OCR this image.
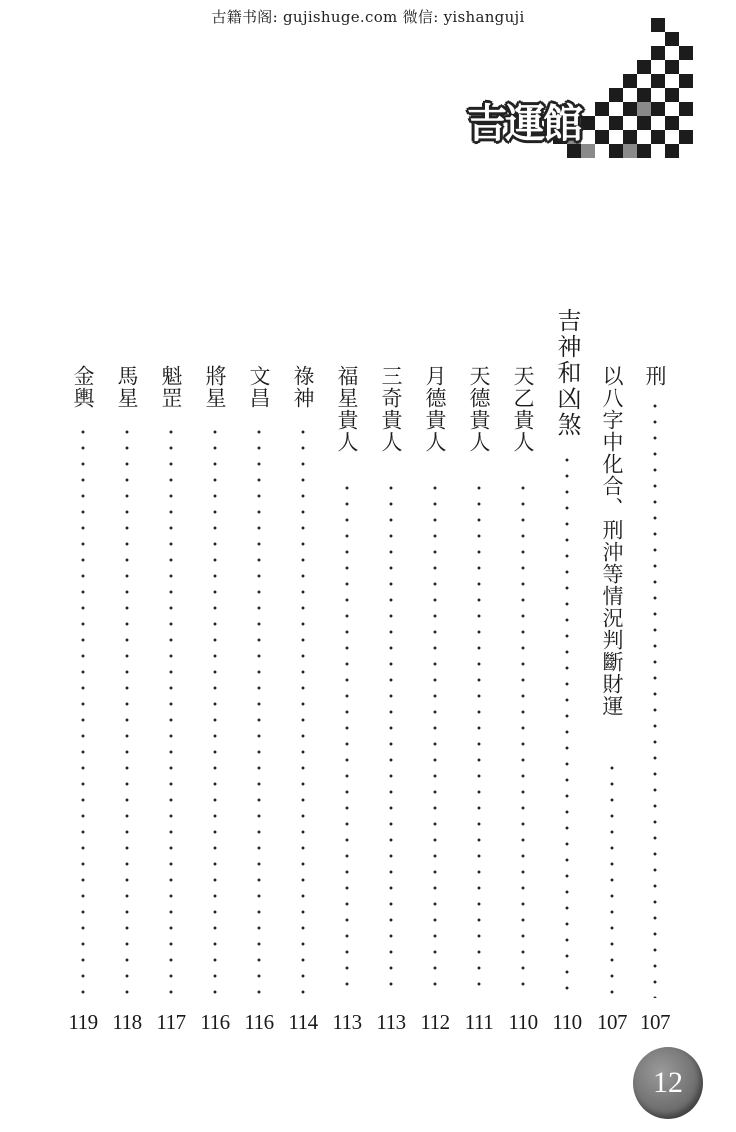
古籍书阁: gujishuge.com 微信: yishanguji
吉運館
刑
107
以八字中化合、刑沖等情況判斷財運
107
吉神和凶煞
110
天乙貴人
110
天德貴人
111
月德貴人
112
三奇貴人
113
福星貴人
113
祿神
114
文昌
116
將星
116
魁罡
117
馬星
118
金輿
119
12
